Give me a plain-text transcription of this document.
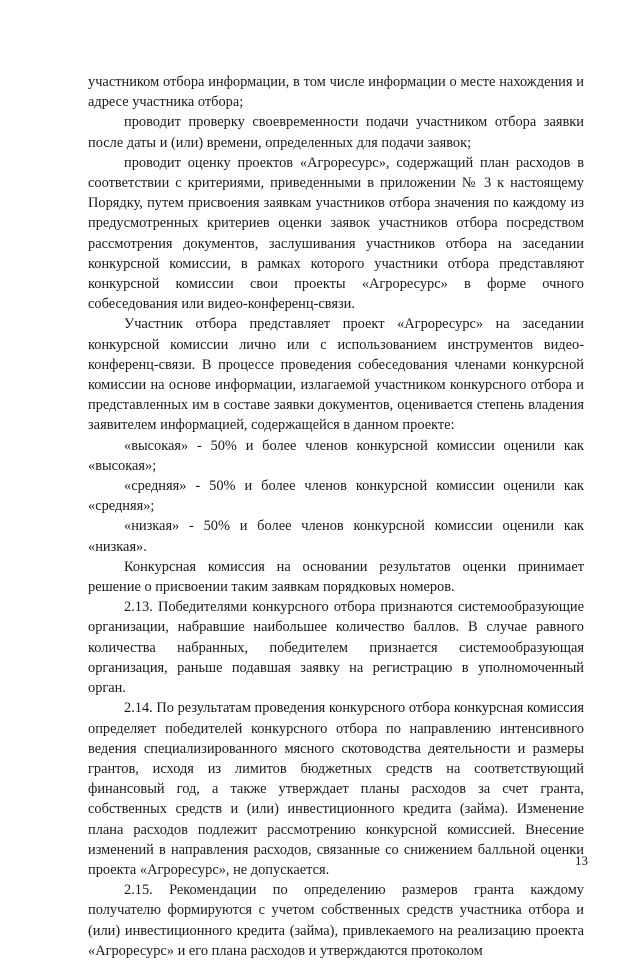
участником отбора информации, в том числе информации о месте нахождения и адресе участника отбора;

проводит проверку своевременности подачи участником отбора заявки после даты и (или) времени, определенных для подачи заявок;

проводит оценку проектов «Агроресурс», содержащий план расходов в соответствии с критериями, приведенными в приложении № 3 к настоящему Порядку, путем присвоения заявкам участников отбора значения по каждому из предусмотренных критериев оценки заявок участников отбора посредством рассмотрения документов, заслушивания участников отбора на заседании конкурсной комиссии, в рамках которого участники отбора представляют конкурсной комиссии свои проекты «Агроресурс» в форме очного собеседования или видео-конференц-связи.

Участник отбора представляет проект «Агроресурс» на заседании конкурсной комиссии лично или с использованием инструментов видео-конференц-связи. В процессе проведения собеседования членами конкурсной комиссии на основе информации, излагаемой участником конкурсного отбора и представленных им в составе заявки документов, оценивается степень владения заявителем информацией, содержащейся в данном проекте:

«высокая» - 50% и более членов конкурсной комиссии оценили как «высокая»;

«средняя» - 50% и более членов конкурсной комиссии оценили как «средняя»;

«низкая» - 50% и более членов конкурсной комиссии оценили как «низкая».

Конкурсная комиссия на основании результатов оценки принимает решение о присвоении таким заявкам порядковых номеров.

2.13. Победителями конкурсного отбора признаются системообразующие организации, набравшие наибольшее количество баллов. В случае равного количества набранных, победителем признается системообразующая организация, раньше подавшая заявку на регистрацию в уполномоченный орган.

2.14. По результатам проведения конкурсного отбора конкурсная комиссия определяет победителей конкурсного отбора по направлению интенсивного ведения специализированного мясного скотоводства деятельности и размеры грантов, исходя из лимитов бюджетных средств на соответствующий финансовый год, а также утверждает планы расходов за счет гранта, собственных средств и (или) инвестиционного кредита (займа). Изменение плана расходов подлежит рассмотрению конкурсной комиссией. Внесение изменений в направления расходов, связанные со снижением балльной оценки проекта «Агроресурс», не допускается.

2.15. Рекомендации по определению размеров гранта каждому получателю формируются с учетом собственных средств участника отбора и (или) инвестиционного кредита (займа), привлекаемого на реализацию проекта «Агроресурс» и его плана расходов и утверждаются протоколом

13
